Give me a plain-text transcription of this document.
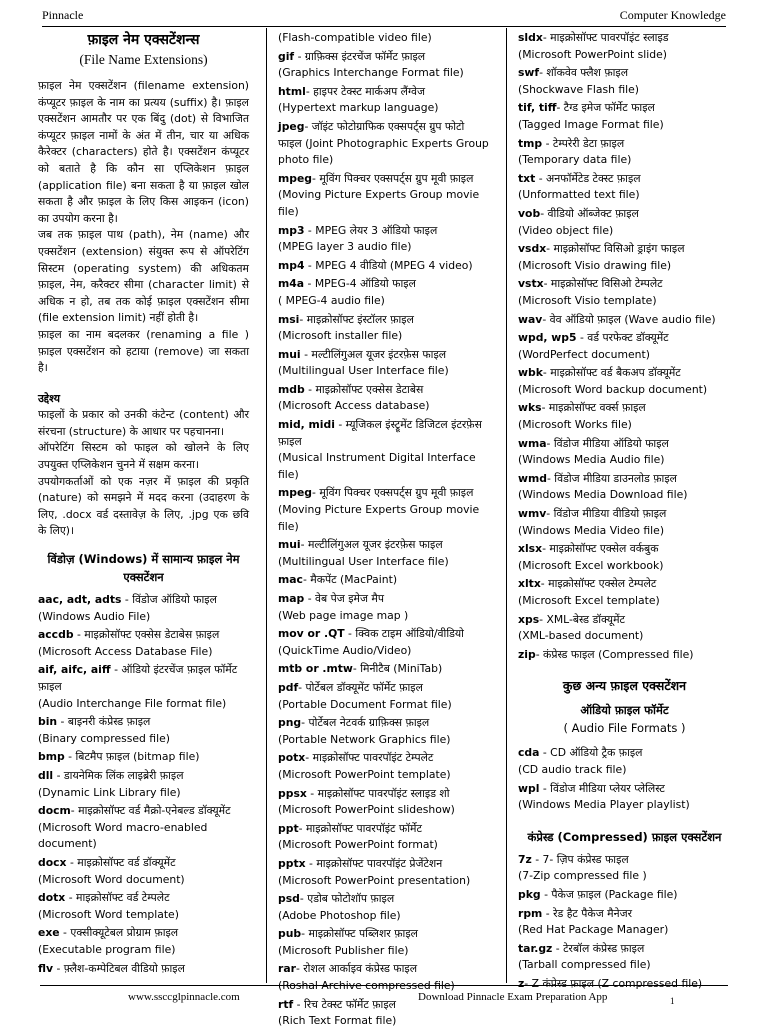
Pinnacle	Computer Knowledge
फ़ाइल नेम एक्सटेंशन्स
(File Name Extensions)

फ़ाइल नेम एक्सटेंशन (filename extension) कंप्यूटर फ़ाइल के नाम का प्रत्यय (suffix) है। फ़ाइल एक्सटेंशन आमतौर पर एक बिंदु (dot) से विभाजित कंप्यूटर फ़ाइल नामों के अंत में तीन, चार या अधिक कैरेक्टर (characters) होते है। एक्सटेंशन कंप्यूटर को बताते है कि कौन सा एप्लिकेशन फ़ाइल (application file) बना सकता है या फ़ाइल खोल सकता है और फ़ाइल के लिए किस आइकन (icon) का उपयोग करना है।

जब तक फ़ाइल पाथ (path), नेम (name) और एक्सटेंशन (extension) संयुक्त रूप से ऑपरेटिंग सिस्टम (operating system) की अधिकतम फ़ाइल, नेम, करैक्टर सीमा (character limit) से अधिक न हो, तब तक कोई फ़ाइल एक्सटेंशन सीमा (file extension limit) नहीं होती है।

फ़ाइल का नाम बदलकर (renaming a file ) फ़ाइल एक्सटेंशन को हटाया (remove) जा सकता है।

उद्देश्य

फाइलों के प्रकार को उनकी कंटेन्ट (content) और संरचना (structure) के आधार पर पहचानना।

ऑपरेटिंग सिस्टम को फाइल को खोलने के लिए उपयुक्त एप्लिकेशन चुनने में सक्षम करना।

उपयोगकर्ताओं को एक नज़र में फ़ाइल की प्रकृति (nature) को समझने में मदद करना (उदाहरण के लिए, .docx वर्ड दस्तावेज़ के लिए, .jpg एक छवि के लिए)।

विंडोज़ (Windows) में सामान्य फ़ाइल नेम एक्सटेंशन
aac, adt, adts - विंडोज ऑडियो फाइल
(Windows Audio File)
accdb - माइक्रोसॉफ्ट एक्सेस डेटाबेस फ़ाइल
(Microsoft Access Database File)
aif, aifc, aiff - ऑडियो इंटरचेंज फ़ाइल फॉर्मेट फ़ाइल
(Audio Interchange File format file)
bin - बाइनरी कंप्रेस्ड फ़ाइल
(Binary compressed file)
bmp - बिटमैप फ़ाइल (bitmap file)
dll - डायनेमिक लिंक लाइब्रेरी फ़ाइल
(Dynamic Link Library file)
docm- माइक्रोसॉफ्ट वर्ड मैक्रो-एनेबल्ड डॉक्यूमेंट
(Microsoft Word macro-enabled document)
docx - माइक्रोसॉफ्ट वर्ड डॉक्यूमेंट
(Microsoft Word document)
dotx - माइक्रोसॉफ्ट वर्ड टेम्पलेट
(Microsoft Word template)
exe - एक्सीक्यूटेबल प्रोग्राम फ़ाइल
(Executable program file)
flv - फ़्लैश-कम्पेटिबल वीडियो फ़ाइल
(Flash-compatible video file)
gif - ग्राफ़िक्स इंटरचेंज फॉर्मेट फ़ाइल
(Graphics Interchange Format file)
html- हाइपर टेक्स्ट मार्कअप लैंग्वेज
(Hypertext markup language)
jpeg- जॉइंट फोटोग्राफिक एक्सपर्ट्स ग्रुप फोटो फाइल (Joint Photographic Experts Group photo file)
mpeg- मूविंग पिक्चर एक्सपर्ट्स ग्रुप मूवी फ़ाइल
(Moving Picture Experts Group movie file)
mp3 - MPEG लेयर 3 ऑडियो फाइल
(MPEG layer 3 audio file)
mp4 - MPEG 4 वीडियो (MPEG 4 video)
m4a - MPEG-4 ऑडियो फाइल
( MPEG-4 audio file)
msi- माइक्रोसॉफ्ट इंस्टॉलर फ़ाइल
(Microsoft installer file)
mui - मल्टीलिंगुअल यूजर इंटरफ़ेस फाइल
(Multilingual User Interface file)
mdb - माइक्रोसॉफ्ट एक्सेस डेटाबेस
(Microsoft Access database)
mid, midi - म्यूजिकल इंस्ट्रूमेंट डिजिटल इंटरफ़ेस फ़ाइल
(Musical Instrument Digital Interface file)
mpeg- मूविंग पिक्चर एक्सपर्ट्स ग्रुप मूवी फ़ाइल
(Moving Picture Experts Group movie file)
mui- मल्टीलिंगुअल यूजर इंटरफ़ेस फाइल
(Multilingual User Interface file)
mac- मैकपेंट (MacPaint)
map - वेब पेज इमेज मैप
(Web page image map )
mov or .QT - क्विक टाइम ऑडियो/वीडियो
(QuickTime Audio/Video)
mtb or .mtw- मिनीटैब (MiniTab)
pdf- पोर्टेबल डॉक्यूमेंट फॉर्मेट फ़ाइल
(Portable Document Format file)
png- पोर्टेबल नेटवर्क ग्राफ़िक्स फ़ाइल
(Portable Network Graphics file)
potx- माइक्रोसॉफ्ट पावरपॉइंट टेम्पलेट
(Microsoft PowerPoint template)
ppsx - माइक्रोसॉफ्ट पावरपॉइंट स्लाइड शो
(Microsoft PowerPoint slideshow)
ppt- माइक्रोसॉफ्ट पावरपॉइंट फॉर्मेट
(Microsoft PowerPoint format)
pptx - माइक्रोसॉफ्ट पावरपॉइंट प्रेजेंटेशन
(Microsoft PowerPoint presentation)
psd- एडोब फोटोशॉप फ़ाइल
(Adobe Photoshop file)
pub- माइक्रोसॉफ्ट पब्लिशर फ़ाइल
(Microsoft Publisher file)
rar- रोशल आर्काइव कंप्रेस्ड फाइल
(Roshal Archive compressed file)
rtf - रिच टेक्स्ट फॉर्मेट फ़ाइल
(Rich Text Format file)
sldx- माइक्रोसॉफ्ट पावरपॉइंट स्लाइड
(Microsoft PowerPoint slide)
swf- शॉकवेव फ्लैश फ़ाइल
(Shockwave Flash file)
tif, tiff- टैग्ड इमेज फॉर्मेट फाइल
(Tagged Image Format file)
tmp - टेम्परेरी डेटा फ़ाइल
(Temporary data file)
txt - अनफॉर्मेटेड टेक्स्ट फ़ाइल
(Unformatted text file)
vob- वीडियो ऑब्जेक्ट फ़ाइल
(Video object file)
vsdx- माइक्रोसॉफ्ट विसिओ ड्राइंग फाइल
(Microsoft Visio drawing file)
vstx- माइक्रोसॉफ्ट विसिओ टेम्पलेट
(Microsoft Visio template)
wav- वेव ऑडियो फ़ाइल (Wave audio file)
wpd, wp5 - वर्ड परफेक्ट डॉक्यूमेंट
(WordPerfect document)
wbk- माइक्रोसॉफ्ट वर्ड बैकअप डॉक्यूमेंट
(Microsoft Word backup document)
wks- माइक्रोसॉफ्ट वर्क्स फ़ाइल
(Microsoft Works file)
wma- विंडोज मीडिया ऑडियो फाइल
(Windows Media Audio file)
wmd- विंडोज मीडिया डाउनलोड फ़ाइल
(Windows Media Download file)
wmv- विंडोज मीडिया वीडियो फ़ाइल
(Windows Media Video file)
xlsx- माइक्रोसॉफ्ट एक्सेल वर्कबुक
(Microsoft Excel workbook)
xltx- माइक्रोसॉफ्ट एक्सेल टेम्पलेट
(Microsoft Excel template)
xps- XML-बेस्ड डॉक्यूमेंट
(XML-based document)
zip- कंप्रेस्ड फाइल (Compressed file)
कुछ अन्य फ़ाइल एक्सटेंशन
ऑडियो फ़ाइल फॉर्मेट
( Audio File Formats )
cda - CD ऑडियो ट्रैक फ़ाइल
(CD audio track file)
wpl - विंडोज मीडिया प्लेयर प्लेलिस्ट
(Windows Media Player playlist)
कंप्रेस्ड (Compressed) फ़ाइल एक्सटेंशन
7z - 7- ज़िप कंप्रेस्ड फाइल
(7-Zip compressed file )
pkg - पैकेज फ़ाइल (Package file)
rpm - रेड हैट पैकेज मैनेजर
(Red Hat Package Manager)
tar.gz - टेरबॉल कंप्रेस्ड फ़ाइल
(Tarball compressed file)
z- Z कंप्रेस्ड फ़ाइल (Z compressed file)
www.ssccglpinnacle.com	Download Pinnacle Exam Preparation App	1
